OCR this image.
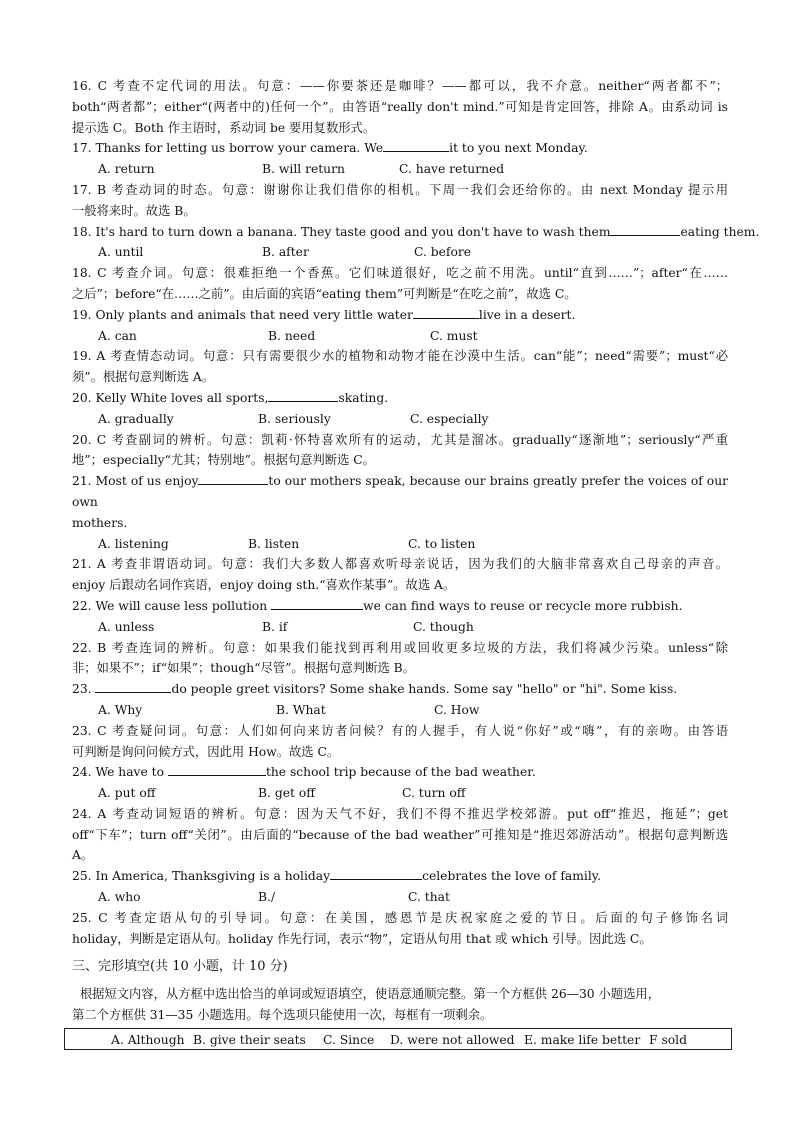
16. C 考查不定代词的用法。句意：——你要茶还是咖啡？——都可以，我不介意。neither“两者都不”；
both“两者都”；either“(两者中的)任何一个”。由答语“really don't mind.”可知是肯定回答，排除 A。由系动词 is
提示选 C。Both 作主语时，系动词 be 要用复数形式。
17. Thanks for letting us borrow your camera. We	it to you next Monday.
A. return	B. will return	C. have returned
17. B 考查动词的时态。句意：谢谢你让我们借你的相机。下周一我们会还给你的。由 next Monday 提示用
一般将来时。故选 B。
18. It's hard to turn down a banana. They taste good and you don't have to wash them	eating them.
A. until	B. after	C. before
18. C 考查介词。句意：很难拒绝一个香蕉。它们味道很好，吃之前不用洗。until“直到……”；after“在……
之后”；before“在……之前”。由后面的宾语“eating them”可判断是“在吃之前”，故选 C。
19. Only plants and animals that need very little water	live in a desert.
A. can	B. need	C. must
19. A 考查情态动词。句意：只有需要很少水的植物和动物才能在沙漠中生活。can“能”；need“需要”；must“必
须”。根据句意判断选 A。
20. Kelly White loves all sports,	skating.
A. gradually	B. seriously	C. especially
20. C 考查副词的辨析。句意：凯莉·怀特喜欢所有的运动，尤其是溜冰。gradually“逐渐地”；seriously“严重
地”；especially“尤其；特别地”。根据句意判断选 C。
21. Most of us enjoy	to our mothers speak, because our brains greatly prefer the voices of our own
mothers.
A. listening	B. listen	C. to listen
21. A 考查非谓语动词。句意：我们大多数人都喜欢听母亲说话，因为我们的大脑非常喜欢自己母亲的声音。
enjoy 后跟动名词作宾语，enjoy doing sth.“喜欢作某事”。故选 A。
22. We will cause less pollution	we can find ways to reuse or recycle more rubbish.
A. unless	B. if	C. though
22. B 考查连词的辨析。句意：如果我们能找到再利用或回收更多垃圾的方法，我们将减少污染。unless“除
非；如果不”；if“如果”；though“尽管”。根据句意判断选 B。
23.	do people greet visitors? Some shake hands. Some say "hello" or "hi". Some kiss.
A. Why	B. What	C. How
23. C 考查疑问词。句意：人们如何向来访者问候？有的人握手，有人说“你好”或“嗨”，有的亲吻。由答语
可判断是询问问候方式，因此用 How。故选 C。
24. We have to	the school trip because of the bad weather.
A. put off	B. get off	C. turn off
24. A 考查动词短语的辨析。句意：因为天气不好，我们不得不推迟学校郊游。put off“推迟，拖延”；get
off“下车”；turn off“关闭”。由后面的“because of the bad weather”可推知是“推迟郊游活动”。根据句意判断选
A。
25. In America, Thanksgiving is a holiday	celebrates the love of family.
A. who	B./	C. that
25. C 考查定语从句的引导词。句意：在美国，感恩节是庆祝家庭之爱的节日。后面的句子修饰名词
holiday，判断是定语从句。holiday 作先行词，表示“物”，定语从句用 that 或 which 引导。因此选 C。
三、完形填空(共 10 小题，计 10 分)
根据短文内容，从方框中选出恰当的单词或短语填空，使语意通顺完整。第一个方框供 26—30 小题选用，
第二个方框供 31—35 小题选用。每个选项只能使用一次，每框有一项剩余。
A. Although B. give their seats C. Since D. were not allowed E. make life better F sold
